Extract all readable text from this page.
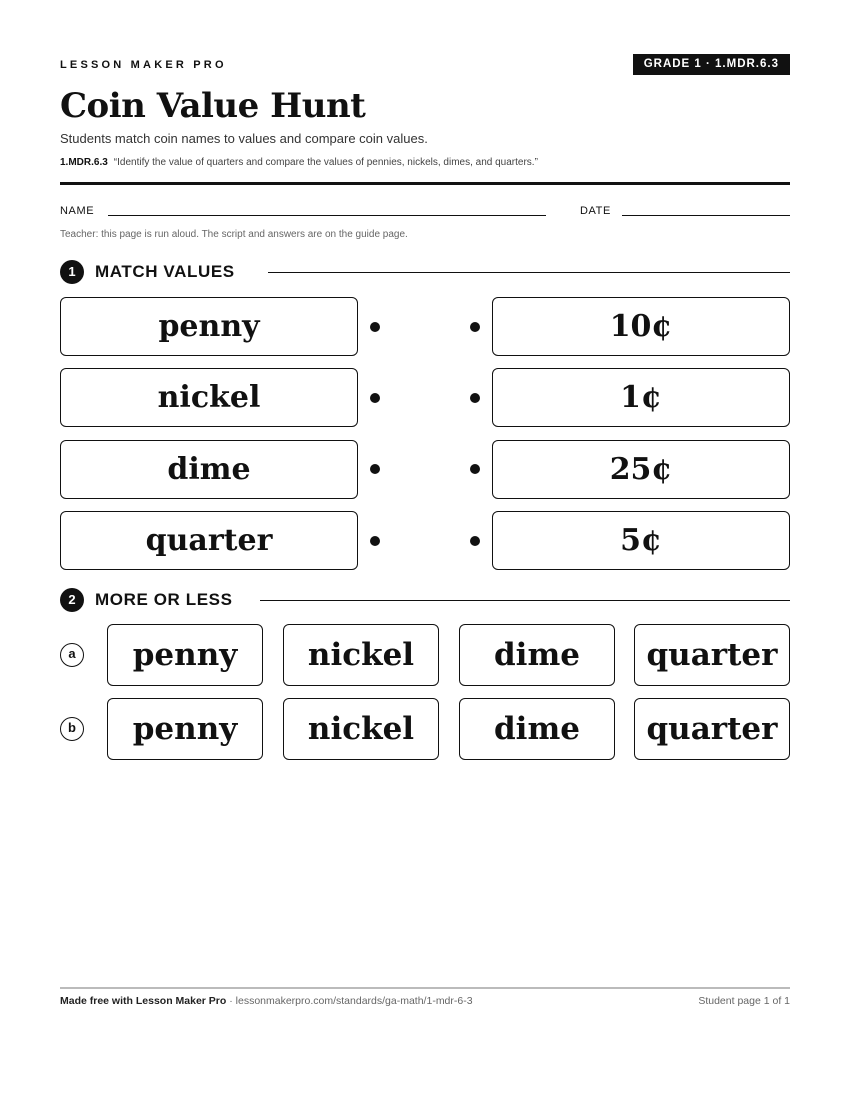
LESSON MAKER PRO	GRADE 1 · 1.MDR.6.3
Coin Value Hunt
Students match coin names to values and compare coin values.
1.MDR.6.3 “Identify the value of quarters and compare the values of pennies, nickels, dimes, and quarters.”
NAME	DATE
Teacher: this page is run aloud. The script and answers are on the guide page.
1	MATCH VALUES
penny
nickel
dime
quarter
10¢
1¢
25¢
5¢
2	MORE OR LESS
a	penny	nickel	dime	quarter
b	penny	nickel	dime	quarter
Made free with Lesson Maker Pro · lessonmakerpro.com/standards/ga-math/1-mdr-6-3	Student page 1 of 1
